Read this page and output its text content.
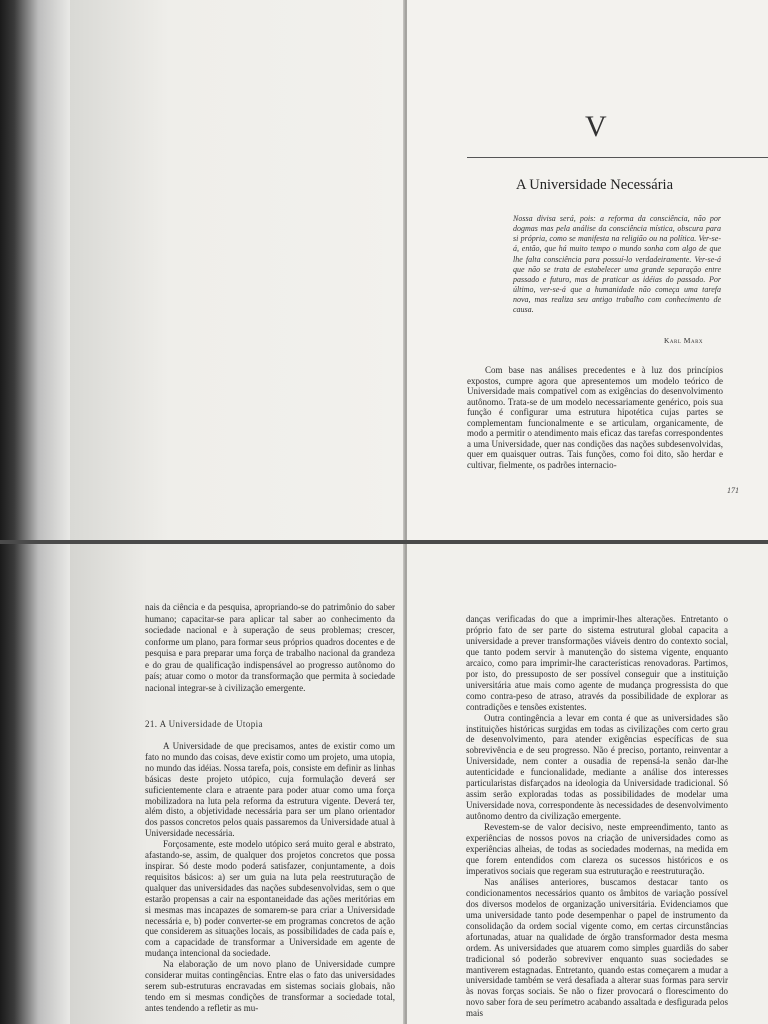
V
A Universidade Necessária
Nossa divisa será, pois: a reforma da consciência, não por dogmas mas pela análise da consciência mística, obscura para si própria, como se manifesta na religião ou na política. Ver-se-á, então, que há muito tempo o mundo sonha com algo de que lhe falta consciência para possuí-lo verdadeiramente. Ver-se-á que não se trata de estabelecer uma grande separação entre passado e futuro, mas de praticar as idéias do passado. Por último, ver-se-á que a humanidade não começa uma tarefa nova, mas realiza seu antigo trabalho com conhecimento de causa.
Karl Marx

Com base nas análises precedentes e à luz dos princípios expostos, cumpre agora que apresentemos um modelo teórico de Universidade mais compatível com as exigências do desenvolvimento autônomo. Trata-se de um modelo necessariamente genérico, pois sua função é configurar uma estrutura hipotética cujas partes se complementam funcionalmente e se articulam, organicamente, de modo a permitir o atendimento mais eficaz das tarefas correspondentes a uma Universidade, quer nas condições das nações subdesenvolvidas, quer em quaisquer outras. Tais funções, como foi dito, são herdar e cultivar, fielmente, os padrões internacio-

171

nais da ciência e da pesquisa, apropriando-se do patrimônio do saber humano; capacitar-se para aplicar tal saber ao conhecimento da sociedade nacional e à superação de seus problemas; crescer, conforme um plano, para formar seus próprios quadros docentes e de pesquisa e para preparar uma força de trabalho nacional da grandeza e do grau de qualificação indispensável ao progresso autônomo do país; atuar como o motor da transformação que permita à sociedade nacional integrar-se à civilização emergente.

21. A Universidade de Utopia

A Universidade de que precisamos, antes de existir como um fato no mundo das coisas, deve existir como um projeto, uma utopia, no mundo das idéias. Nossa tarefa, pois, consiste em definir as linhas básicas deste projeto utópico, cuja formulação deverá ser suficientemente clara e atraente para poder atuar como uma força mobilizadora na luta pela reforma da estrutura vigente. Deverá ter, além disto, a objetividade necessária para ser um plano orientador dos passos concretos pelos quais passaremos da Universidade atual à Universidade necessária.

Forçosamente, este modelo utópico será muito geral e abstrato, afastando-se, assim, de qualquer dos projetos concretos que possa inspirar. Só deste modo poderá satisfazer, conjuntamente, a dois requisitos básicos: a) ser um guia na luta pela reestruturação de qualquer das universidades das nações subdesenvolvidas, sem o que estarão propensas a cair na espontaneidade das ações meritórias em si mesmas mas incapazes de somarem-se para criar a Universidade necessária e, b) poder converter-se em programas concretos de ação que considerem as situações locais, as possibilidades de cada país e, com a capacidade de transformar a Universidade em agente de mudança intencional da sociedade.

Na elaboração de um novo plano de Universidade cumpre considerar muitas contingências. Entre elas o fato das universidades serem sub-estruturas encravadas em sistemas sociais globais, não tendo em si mesmas condições de transformar a sociedade total, antes tendendo a refletir as mu-

danças verificadas do que a imprimir-lhes alterações. Entretanto o próprio fato de ser parte do sistema estrutural global capacita a universidade a prever transformações viáveis dentro do contexto social, que tanto podem servir à manutenção do sistema vigente, enquanto arcaico, como para imprimir-lhe características renovadoras. Partimos, por isto, do pressuposto de ser possível conseguir que a instituição universitária atue mais como agente de mudança progressista do que como contra-peso de atraso, através da possibilidade de explorar as contradições e tensões existentes.

Outra contingência a levar em conta é que as universidades são instituições históricas surgidas em todas as civilizações com certo grau de desenvolvimento, para atender exigências específicas de sua sobrevivência e de seu progresso. Não é preciso, portanto, reinventar a Universidade, nem conter a ousadia de repensá-la senão dar-lhe autenticidade e funcionalidade, mediante a análise dos interesses particularistas disfarçados na ideologia da Universidade tradicional. Só assim serão exploradas todas as possibilidades de modelar uma Universidade nova, correspondente às necessidades de desenvolvimento autônomo dentro da civilização emergente.

Revestem-se de valor decisivo, neste empreendimento, tanto as experiências de nossos povos na criação de universidades como as experiências alheias, de todas as sociedades modernas, na medida em que forem entendidos com clareza os sucessos históricos e os imperativos sociais que regeram sua estruturação e reestruturação.

Nas análises anteriores, buscamos destacar tanto os condicionamentos necessários quanto os âmbitos de variação possível dos diversos modelos de organização universitária. Evidenciamos que uma universidade tanto pode desempenhar o papel de instrumento da consolidação da ordem social vigente como, em certas circunstâncias afortunadas, atuar na qualidade de órgão transformador desta mesma ordem. As universidades que atuarem como simples guardiãs do saber tradicional só poderão sobreviver enquanto suas sociedades se mantiverem estagnadas. Entretanto, quando estas começarem a mudar a universidade também se verá desafiada a alterar suas formas para servir às novas forças sociais. Se não o fizer provocará o florescimento do novo saber fora de seu perímetro acabando assaltada e desfigurada pelos mais
